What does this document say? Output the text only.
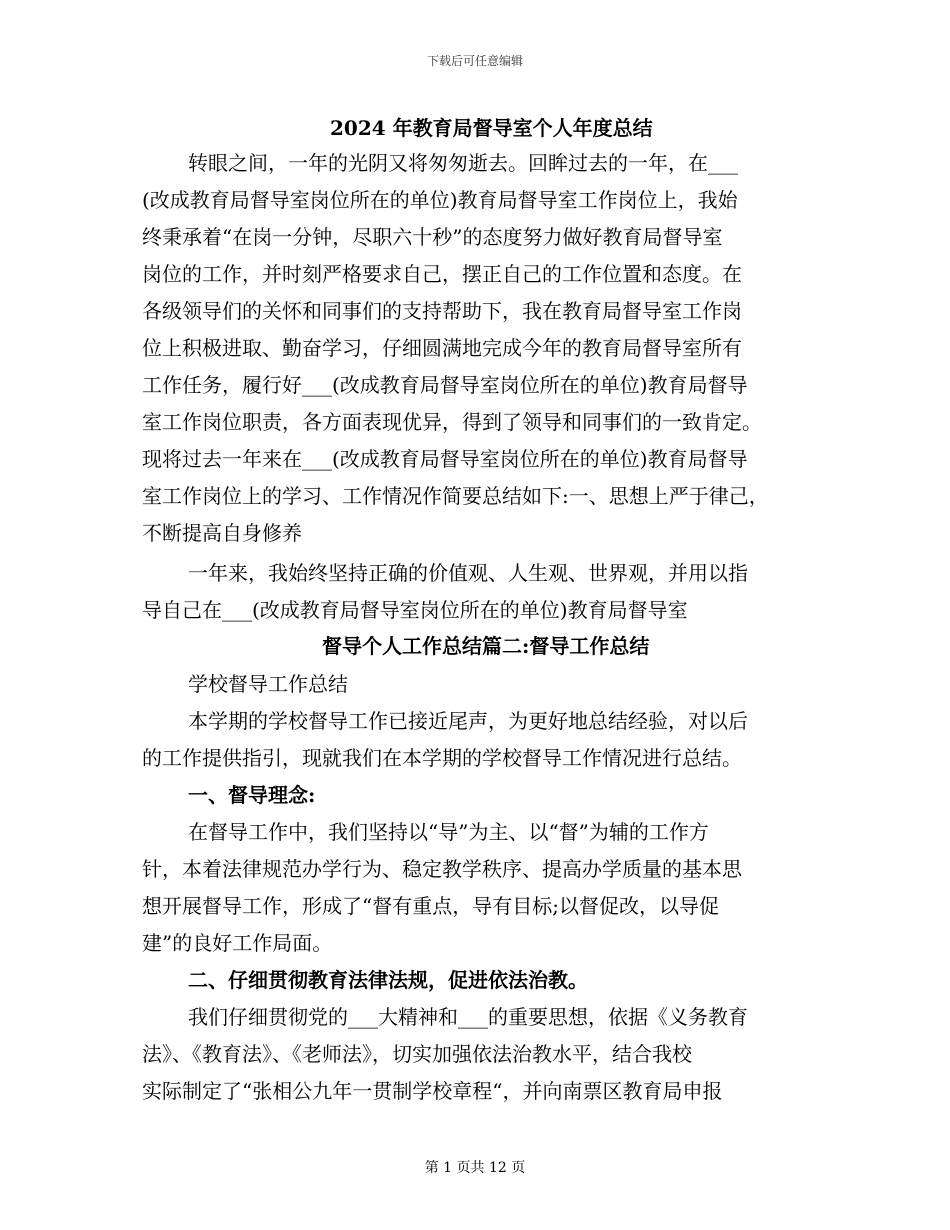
下载后可任意编辑
2024 年教育局督导室个人年度总结
转眼之间，一年的光阴又将匆匆逝去。回眸过去的一年，在___
(改成教育局督导室岗位所在的单位)教育局督导室工作岗位上，我始
终秉承着“在岗一分钟，尽职六十秒”的态度努力做好教育局督导室
岗位的工作，并时刻严格要求自己，摆正自己的工作位置和态度。在
各级领导们的关怀和同事们的支持帮助下，我在教育局督导室工作岗
位上积极进取、勤奋学习，仔细圆满地完成今年的教育局督导室所有
工作任务，履行好___(改成教育局督导室岗位所在的单位)教育局督导
室工作岗位职责，各方面表现优异，得到了领导和同事们的一致肯定。
现将过去一年来在___(改成教育局督导室岗位所在的单位)教育局督导
室工作岗位上的学习、工作情况作简要总结如下:一、思想上严于律己，
不断提高自身修养
一年来，我始终坚持正确的价值观、人生观、世界观，并用以指
导自己在___(改成教育局督导室岗位所在的单位)教育局督导室
督导个人工作总结篇二:督导工作总结
学校督导工作总结
本学期的学校督导工作已接近尾声，为更好地总结经验，对以后
的工作提供指引，现就我们在本学期的学校督导工作情况进行总结。
一、督导理念:
在督导工作中，我们坚持以“导”为主、以“督”为辅的工作方
针，本着法律规范办学行为、稳定教学秩序、提高办学质量的基本思
想开展督导工作，形成了“督有重点，导有目标;以督促改，以导促
建”的良好工作局面。
二、仔细贯彻教育法律法规，促进依法治教。
我们仔细贯彻党的___大精神和___的重要思想，依据《义务教育
法》、《教育法》、《老师法》，切实加强依法治教水平，结合我校
实际制定了“张相公九年一贯制学校章程“，并向南票区教育局申报
第 1 页共 12 页
